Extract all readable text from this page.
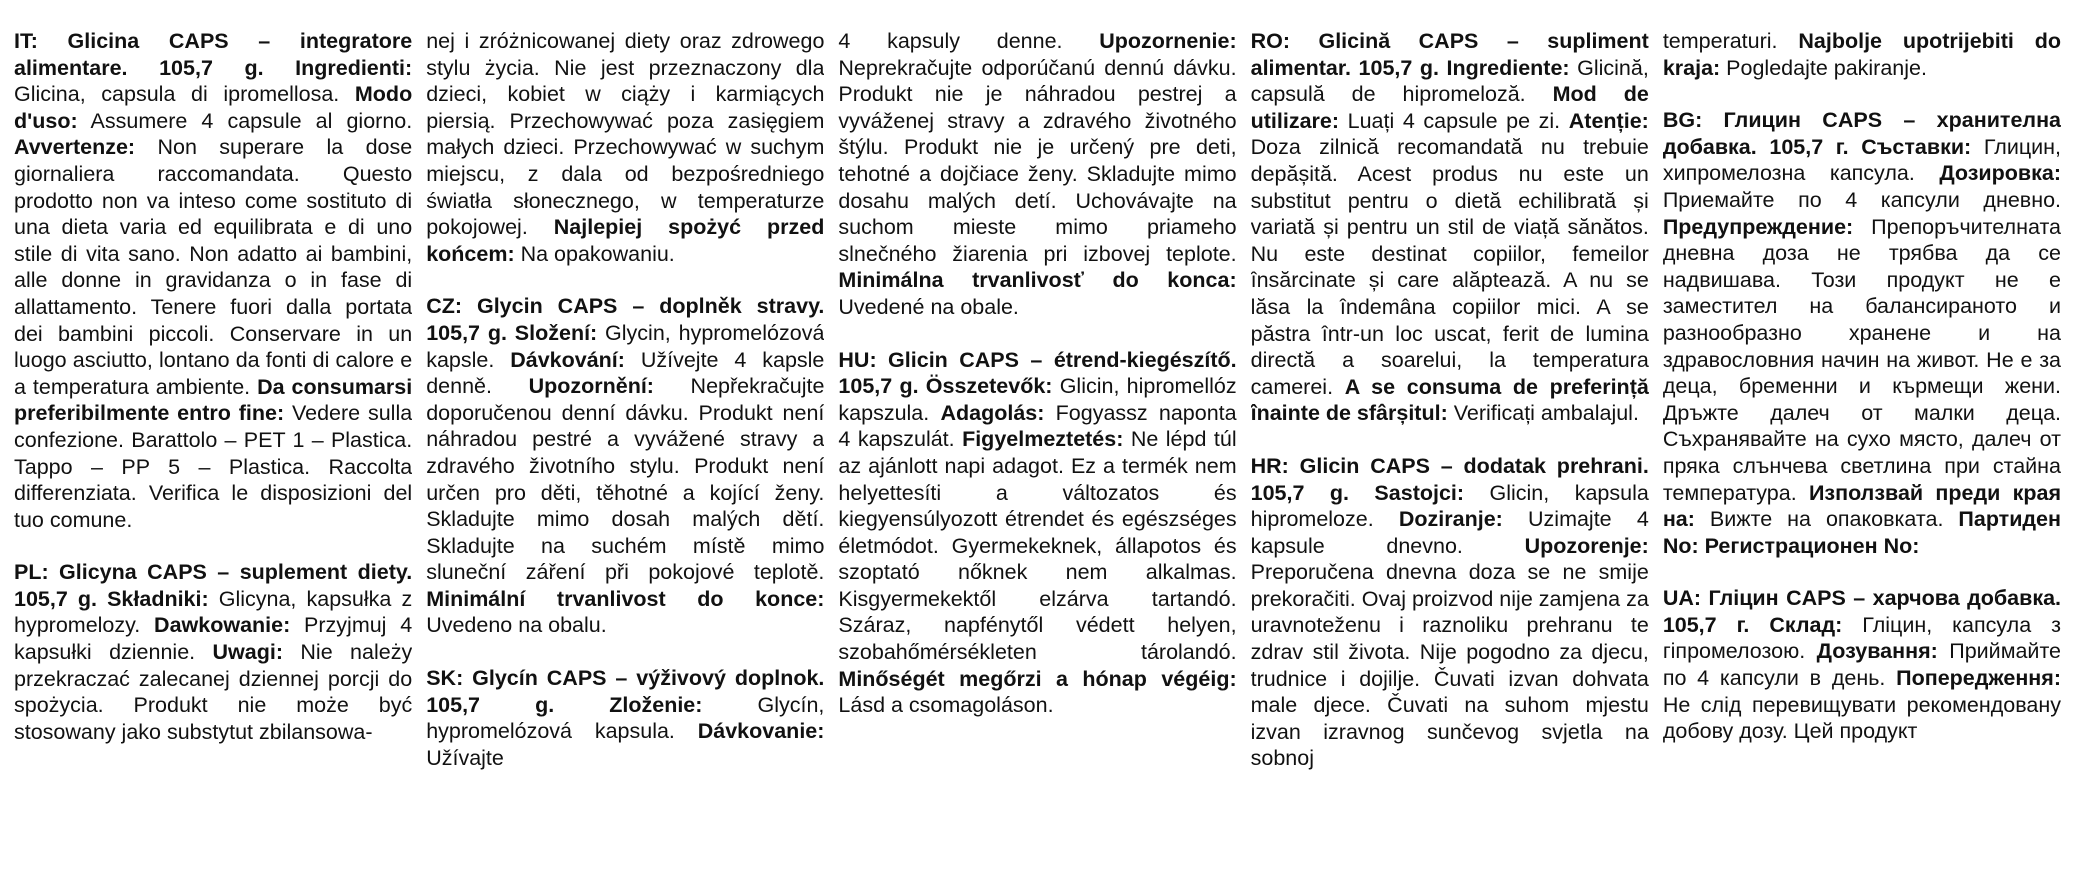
IT: Glicina CAPS – integratore alimentare. 105,7 g. Ingredienti: Glicina, capsula di ipromellosa. Modo d'uso: Assumere 4 capsule al giorno. Avvertenze: Non superare la dose giornaliera raccomandata. Questo prodotto non va inteso come sostituto di una dieta varia ed equilibrata e di uno stile di vita sano. Non adatto ai bambini, alle donne in gravidanza o in fase di allattamento. Tenere fuori dalla portata dei bambini piccoli. Conservare in un luogo asciutto, lontano da fonti di calore e a temperatura ambiente. Da consumarsi preferibilmente entro fine: Vedere sulla confezione. Barattolo – PET 1 – Plastica. Tappo – PP 5 – Plastica. Raccolta differenziata. Verifica le disposizioni del tuo comune.

PL: Glicyna CAPS – suplement diety. 105,7 g. Składniki: Glicyna, kapsułka z hypromelozy. Dawkowanie: Przyjmuj 4 kapsułki dziennie. Uwagi: Nie należy przekraczać zalecanej dziennej porcji do spożycia. Produkt nie może być stosowany jako substytut zbilansowa-

nej i zróżnicowanej diety oraz zdrowego stylu życia. Nie jest przeznaczony dla dzieci, kobiet w ciąży i karmiących piersią. Przechowywać poza zasięgiem małych dzieci. Przechowywać w suchym miejscu, z dala od bezpośredniego światła słonecznego, w temperaturze pokojowej. Najlepiej spożyć przed końcem: Na opakowaniu.

CZ: Glycin CAPS – doplněk stravy. 105,7 g. Složení: Glycin, hypromelózová kapsle. Dávkování: Užívejte 4 kapsle denně. Upozornění: Nepřekračujte doporučenou denní dávku. Produkt není náhradou pestré a vyvážené stravy a zdravého životního stylu. Produkt není určen pro děti, těhotné a kojící ženy. Skladujte mimo dosah malých dětí. Skladujte na suchém místě mimo sluneční záření při pokojové teplotě. Minimální trvanlivost do konce: Uvedeno na obalu.

SK: Glycín CAPS – výživový doplnok. 105,7 g. Zloženie: Glycín, hypromelózová kapsula. Dávkovanie: Užívajte

4 kapsuly denne. Upozornenie: Neprekračujte odporúčanú dennú dávku. Produkt nie je náhradou pestrej a vyváženej stravy a zdravého životného štýlu. Produkt nie je určený pre deti, tehotné a dojčiace ženy. Skladujte mimo dosahu malých detí. Uchovávajte na suchom mieste mimo priameho slnečného žiarenia pri izbovej teplote. Minimálna trvanlivosť do konca: Uvedené na obale.

HU: Glicin CAPS – étrend-kiegészítő. 105,7 g. Összetevők: Glicin, hipromellóz kapszula. Adagolás: Fogyassz naponta 4 kapszulát. Figyelmeztetés: Ne lépd túl az ajánlott napi adagot. Ez a termék nem helyettesíti a változatos és kiegyensúlyozott étrendet és egészséges életmódot. Gyermekeknek, állapotos és szoptató nőknek nem alkalmas. Kisgyermekektől elzárva tartandó. Száraz, napfénytől védett helyen, szobahőmérsékleten tárolandó. Minőségét megőrzi a hónap végéig: Lásd a csomagoláson.

RO: Glicină CAPS – supliment alimentar. 105,7 g. Ingrediente: Glicină, capsulă de hipromeloză. Mod de utilizare: Luați 4 capsule pe zi. Atenție: Doza zilnică recomandată nu trebuie depășită. Acest produs nu este un substitut pentru o dietă echilibrată și variată și pentru un stil de viață sănătos. Nu este destinat copiilor, femeilor însărcinate și care alăptează. A nu se lăsa la îndemâna copiilor mici. A se păstra într-un loc uscat, ferit de lumina directă a soarelui, la temperatura camerei. A se consuma de preferință înainte de sfârșitul: Verificați ambalajul.

HR: Glicin CAPS – dodatak prehrani. 105,7 g. Sastojci: Glicin, kapsula hipromeloze. Doziranje: Uzimajte 4 kapsule dnevno. Upozorenje: Preporučena dnevna doza se ne smije prekoračiti. Ovaj proizvod nije zamjena za uravnoteženu i raznoliku prehranu te zdrav stil života. Nije pogodno za djecu, trudnice i dojilje. Čuvati izvan dohvata male djece. Čuvati na suhom mjestu izvan izravnog sunčevog svjetla na sobnoj

temperaturi. Najbolje upotrijebiti do kraja: Pogledajte pakiranje.

BG: Глицин CAPS – хранителна добавка. 105,7 г. Съставки: Глицин, хипромелозна капсула. Дозировка: Приемайте по 4 капсули дневно. Предупреждение: Препоръчителната дневна доза не трябва да се надвишава. Този продукт не е заместител на балансираното и разнообразно хранене и на здравословния начин на живот. Не е за деца, бременни и кърмещи жени. Дръжте далеч от малки деца. Съхранявайте на сухо място, далеч от пряка слънчева светлина при стайна температура. Използвай преди края на: Вижте на опаковката. Партиден No: Регистрационен No:

UA: Гліцин CAPS – харчова добавка. 105,7 г. Склад: Гліцин, капсула з гіпромелозою. Дозування: Приймайте по 4 капсули в день. Попередження: Не слід перевищувати рекомендовану добову дозу. Цей продукт
